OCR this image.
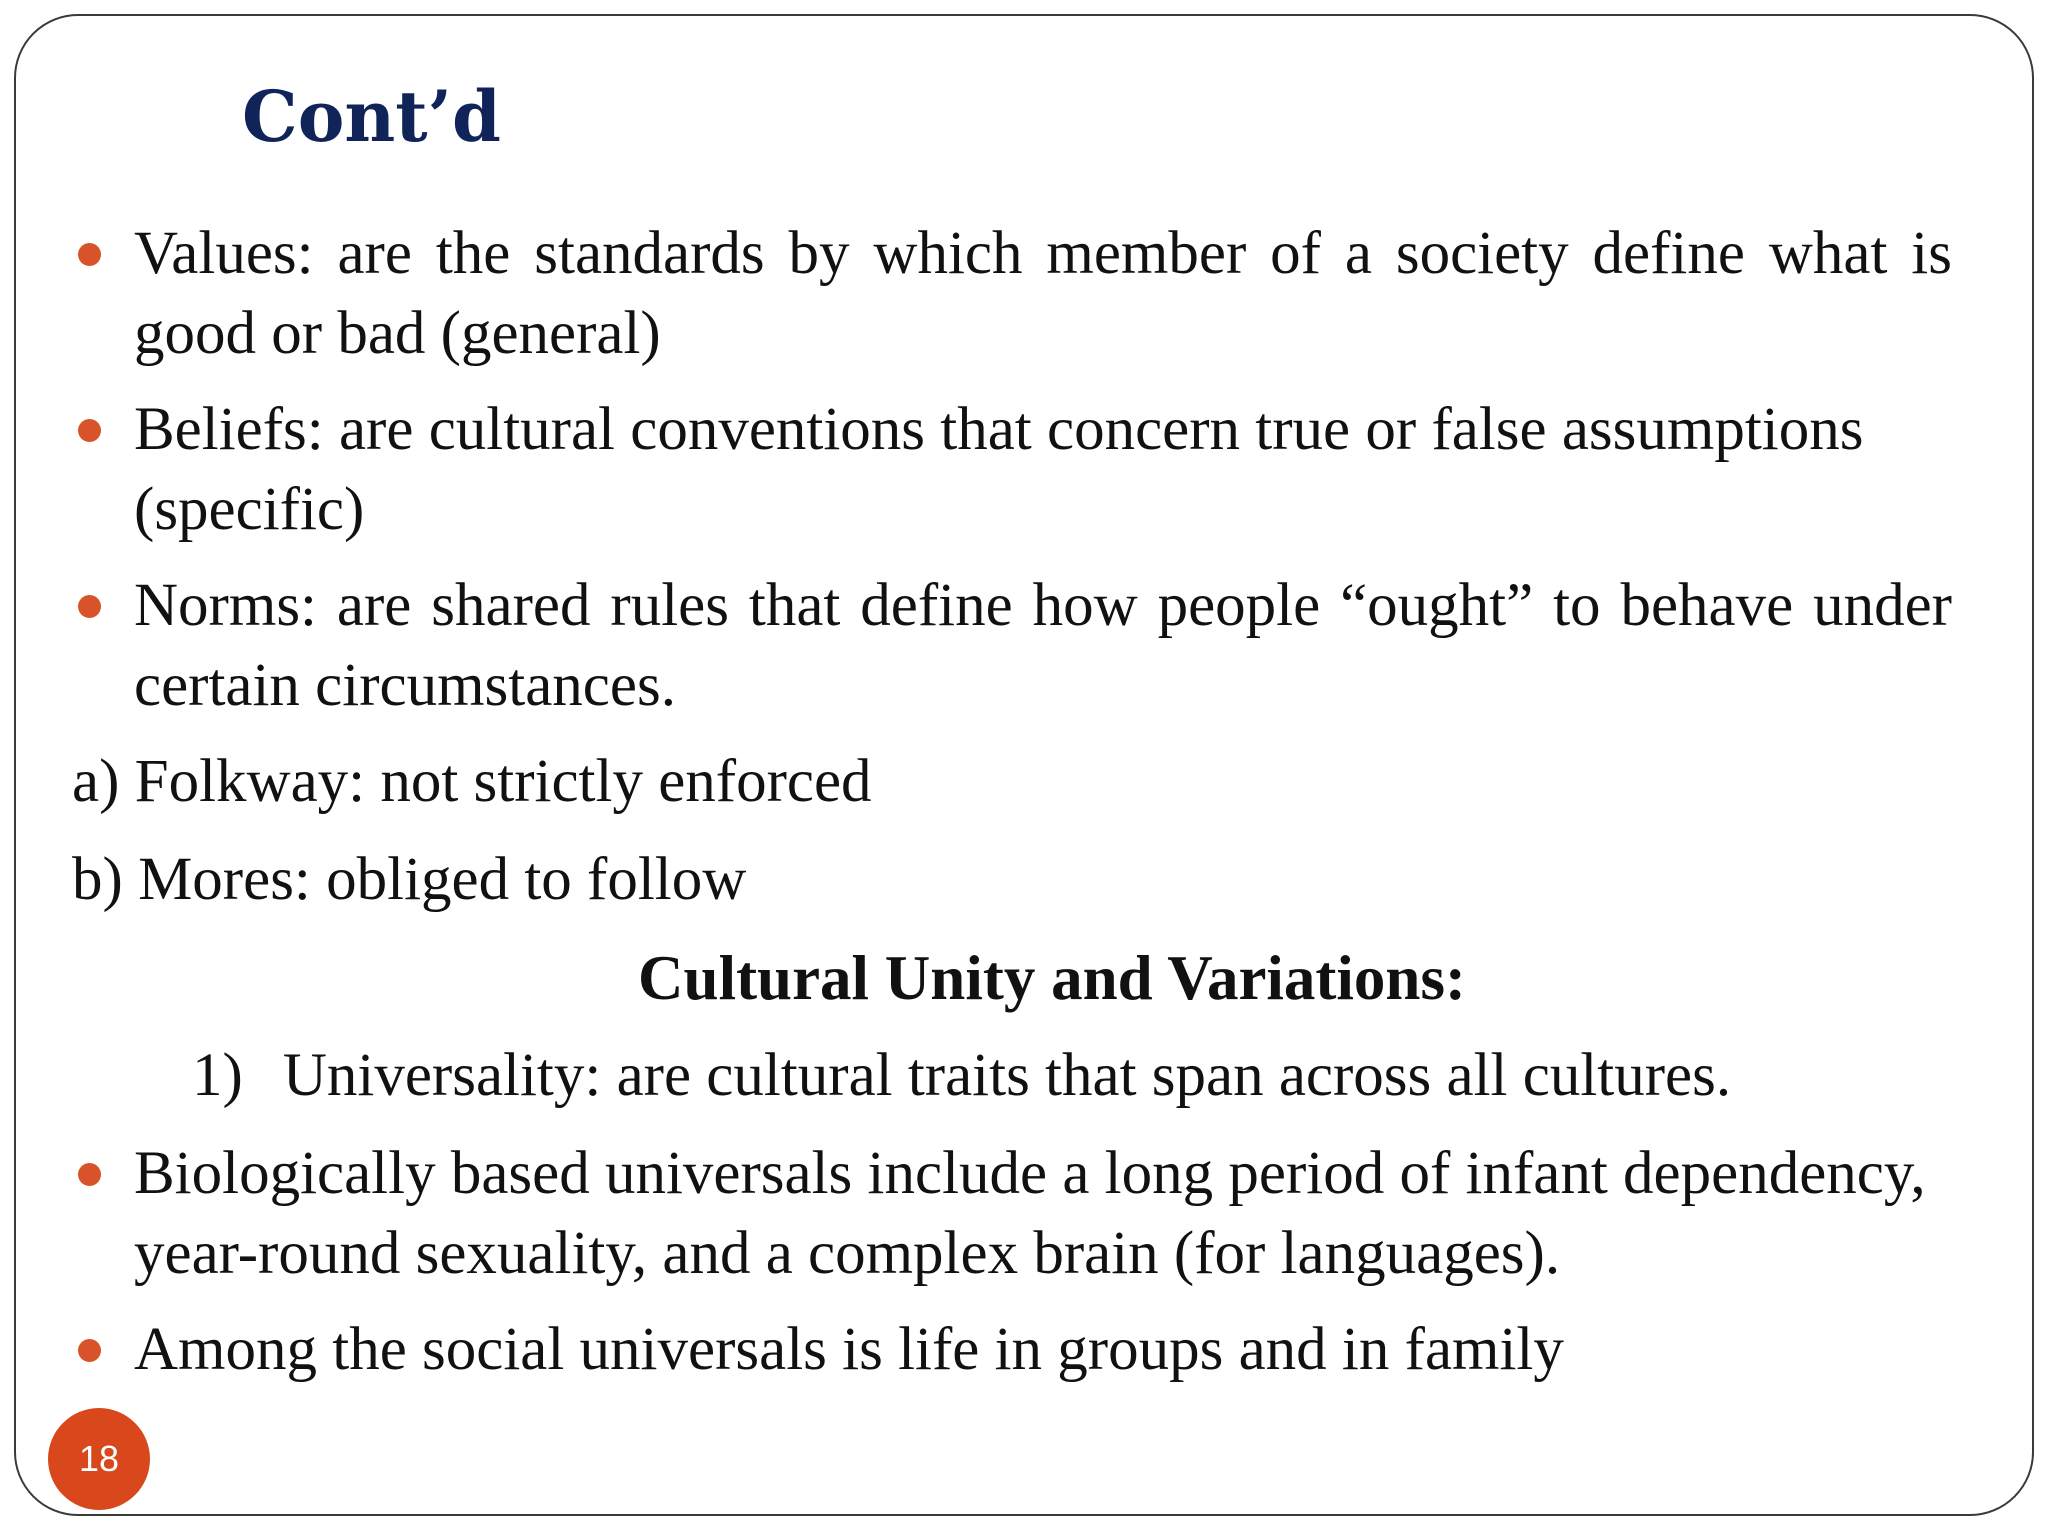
Cont’d
Values: are the standards by which member of a society define what is good or bad (general)
Beliefs: are cultural conventions that concern true or false assumptions (specific)
Norms: are shared rules that define how people “ought” to behave under certain circumstances.
a) Folkway: not strictly enforced
b) Mores: obliged to follow
Cultural Unity and Variations:
1) Universality: are cultural traits that span across all cultures.
Biologically based universals include a long period of infant dependency, year-round sexuality, and a complex brain (for languages).
Among the social universals is life in groups and in family
18
